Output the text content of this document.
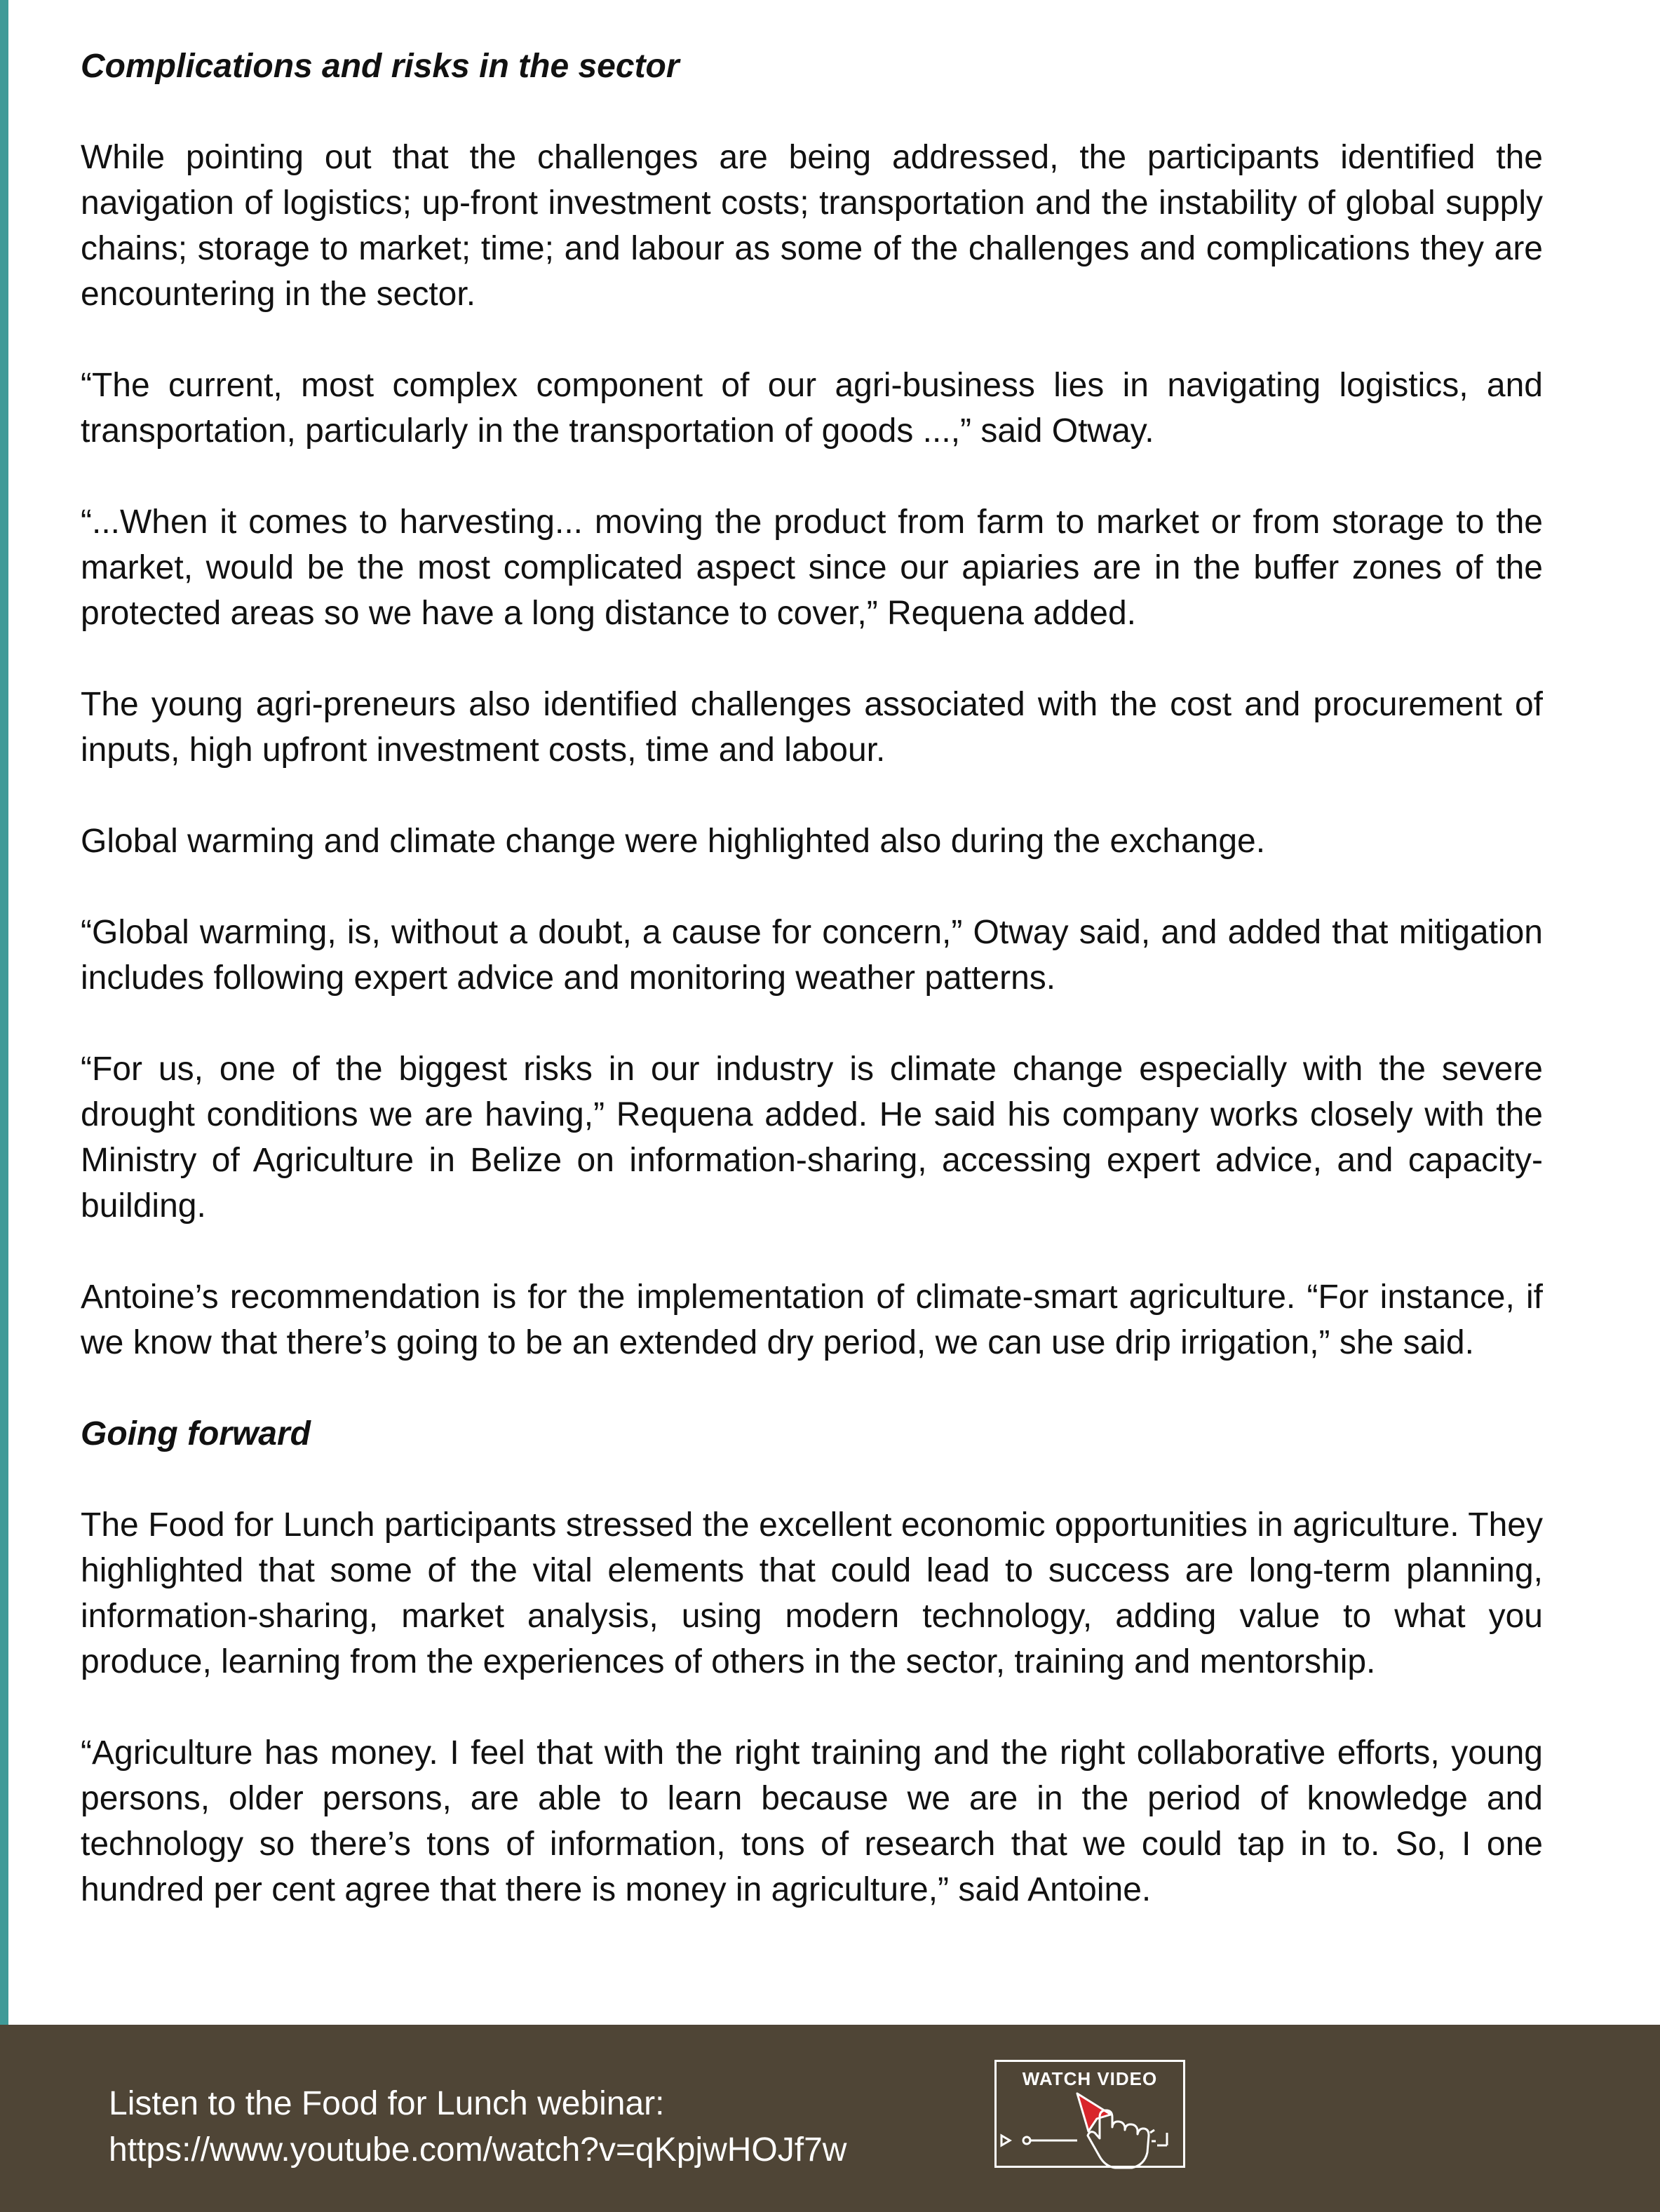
Complications and risks in the sector

While pointing out that the challenges are being addressed, the participants identified the navigation of logistics; up-front investment costs; transportation and the instability of global supply chains; storage to market; time; and labour as some of the challenges and complications they are encountering in the sector.

“The current, most complex component of our agri-business lies in navigating logistics, and transportation, particularly in the transportation of goods ...,” said Otway.

“...When it comes to harvesting... moving the product from farm to market or from storage to the market, would be the most complicated aspect since our apiaries are in the buffer zones of the protected areas so we have a long distance to cover,” Requena added.

The young agri-preneurs also identified challenges associated with the cost and procurement of inputs, high upfront investment costs, time and labour.

Global warming and climate change were highlighted also during the exchange.

“Global warming, is, without a doubt, a cause for concern,” Otway said, and added that mitigation includes following expert advice and monitoring weather patterns.

“For us, one of the biggest risks in our industry is climate change especially with the severe drought conditions we are having,” Requena added. He said his company works closely with the Ministry of Agriculture in Belize on information-sharing, accessing expert advice, and capacity-building.

Antoine’s recommendation is for the implementation of climate-smart agriculture. “For instance, if we know that there’s going to be an extended dry period, we can use drip irrigation,” she said.

Going forward

The Food for Lunch participants stressed the excellent economic opportunities in agriculture. They highlighted that some of the vital elements that could lead to success are long-term planning, information-sharing, market analysis, using modern technology, adding value to what you produce, learning from the experiences of others in the sector, training and mentorship.

“Agriculture has money. I feel that with the right training and the right collaborative efforts, young persons, older persons, are able to learn because we are in the period of knowledge and technology so there’s tons of information, tons of research that we could tap in to. So, I one hundred per cent agree that there is money in agriculture,” said Antoine.

Listen to the Food for Lunch webinar:
https://www.youtube.com/watch?v=qKpjwHOJf7w
WATCH VIDEO
